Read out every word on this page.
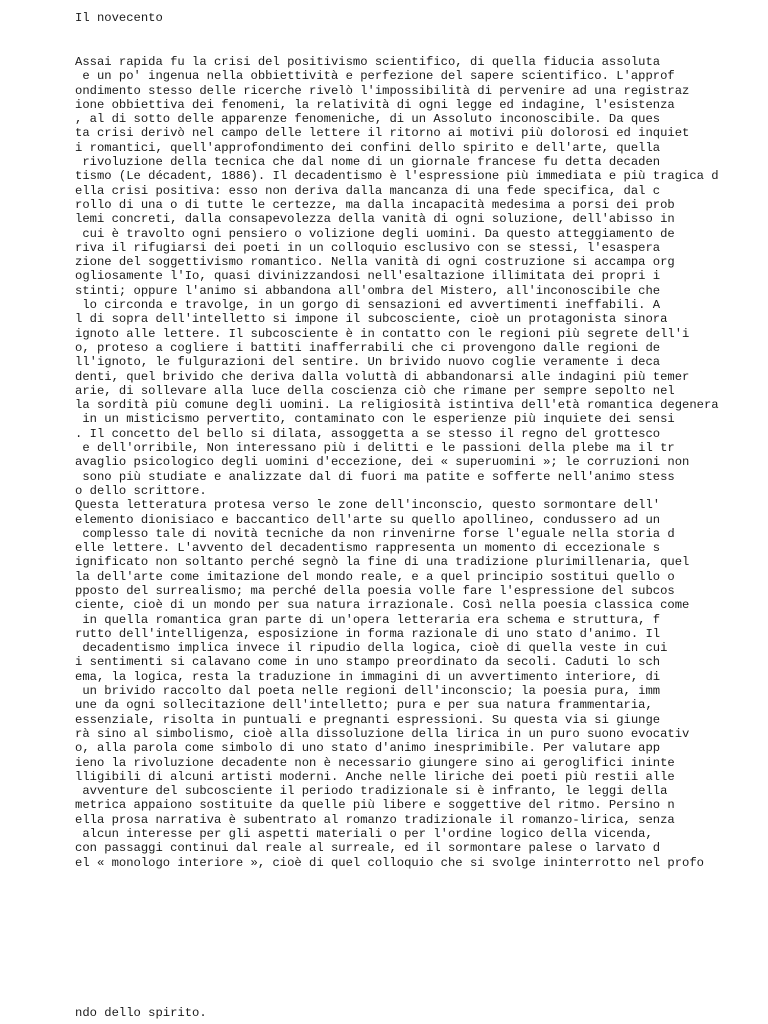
Il novecento
Assai rapida fu la crisi del positivismo scientifico, di quella fiducia assoluta
e un po' ingenua nella obbiettività e perfezione del sapere scientifico. L'approf
ondimento stesso delle ricerche rivelò l'impossibilità di pervenire ad una registraz
ione obbiettiva dei fenomeni, la relatività di ogni legge ed indagine, l'esistenza
, al di sotto delle apparenze fenomeniche, di un Assoluto inconoscibile. Da ques
ta crisi derivò nel campo delle lettere il ritorno ai motivi più dolorosi ed inquiet
i romantici, quell'approfondimento dei confini dello spirito e dell'arte, quella
rivoluzione della tecnica che dal nome di un giornale francese fu detta decaden
tismo (Le décadent, 1886). Il decadentismo è l'espressione più immediata e più tragica d
ella crisi positiva: esso non deriva dalla mancanza di una fede specifica, dal c
rollo di una o di tutte le certezze, ma dalla incapacità medesima a porsi dei prob
lemi concreti, dalla consapevolezza della vanità di ogni soluzione, dell'abisso in
cui è travolto ogni pensiero o volizione degli uomini. Da questo atteggiamento de
riva il rifugiarsi dei poeti in un colloquio esclusivo con se stessi, l'esaspera
zione del soggettivismo romantico. Nella vanità di ogni costruzione si accampa org
ogliosamente l'Io, quasi divinizzandosi nell'esaltazione illimitata dei propri i
stinti; oppure l'animo si abbandona all'ombra del Mistero, all'inconoscibile che
lo circonda e travolge, in un gorgo di sensazioni ed avvertimenti ineffabili. A
l di sopra dell'intelletto si impone il subcosciente, cioè un protagonista sinora
ignoto alle lettere. Il subcosciente è in contatto con le regioni più segrete dell'i
o, proteso a cogliere i battiti inafferrabili che ci provengono dalle regioni de
ll'ignoto, le fulgurazioni del sentire. Un brivido nuovo coglie veramente i deca
denti, quel brivido che deriva dalla voluttà di abbandonarsi alle indagini più temer
arie, di sollevare alla luce della coscienza ciò che rimane per sempre sepolto nel
la sordità più comune degli uomini. La religiosità istintiva dell'età romantica degenera
in un misticismo pervertito, contaminato con le esperienze più inquiete dei sensi
. Il concetto del bello si dilata, assoggetta a se stesso il regno del grottesco
e dell'orribile, Non interessano più i delitti e le passioni della plebe ma il tr
avaglio psicologico degli uomini d'eccezione, dei « superuomini »; le corruzioni non
sono più studiate e analizzate dal di fuori ma patite e sofferte nell'animo stess
o dello scrittore.
Questa letteratura protesa verso le zone dell'inconscio, questo sormontare dell'
elemento dionisiaco e baccantico dell'arte su quello apollineo, condussero ad un
complesso tale di novità tecniche da non rinvenirne forse l'eguale nella storia d
elle lettere. L'avvento del decadentismo rappresenta un momento di eccezionale s
ignificato non soltanto perché segnò la fine di una tradizione plurimillenaria, quel
la dell'arte come imitazione del mondo reale, e a quel principio sostitui quello o
pposto del surrealismo; ma perché della poesia volle fare l'espressione del subcos
ciente, cioè di un mondo per sua natura irrazionale. Così nella poesia classica come
in quella romantica gran parte di un'opera letteraria era schema e struttura, f
rutto dell'intelligenza, esposizione in forma razionale di uno stato d'animo. Il
decadentismo implica invece il ripudio della logica, cioè di quella veste in cui
i sentimenti si calavano come in uno stampo preordinato da secoli. Caduti lo sch
ema, la logica, resta la traduzione in immagini di un avvertimento interiore, di
un brivido raccolto dal poeta nelle regioni dell'inconscio; la poesia pura, imm
une da ogni sollecitazione dell'intelletto; pura e per sua natura frammentaria,
essenziale, risolta in puntuali e pregnanti espressioni. Su questa via si giunge
rà sino al simbolismo, cioè alla dissoluzione della lirica in un puro suono evocativ
o, alla parola come simbolo di uno stato d'animo inesprimibile. Per valutare app
ieno la rivoluzione decadente non è necessario giungere sino ai geroglifici ininte
lligibili di alcuni artisti moderni. Anche nelle liriche dei poeti più restii alle
avventure del subcosciente il periodo tradizionale si è infranto, le leggi della
metrica appaiono sostituite da quelle più libere e soggettive del ritmo. Persino n
ella prosa narrativa è subentrato al romanzo tradizionale il romanzo-lirica, senza
alcun interesse per gli aspetti materiali o per l'ordine logico della vicenda,
con passaggi continui dal reale al surreale, ed il sormontare palese o larvato d
el « monologo interiore », cioè di quel colloquio che si svolge ininterrotto nel profo
ndo dello spirito.
